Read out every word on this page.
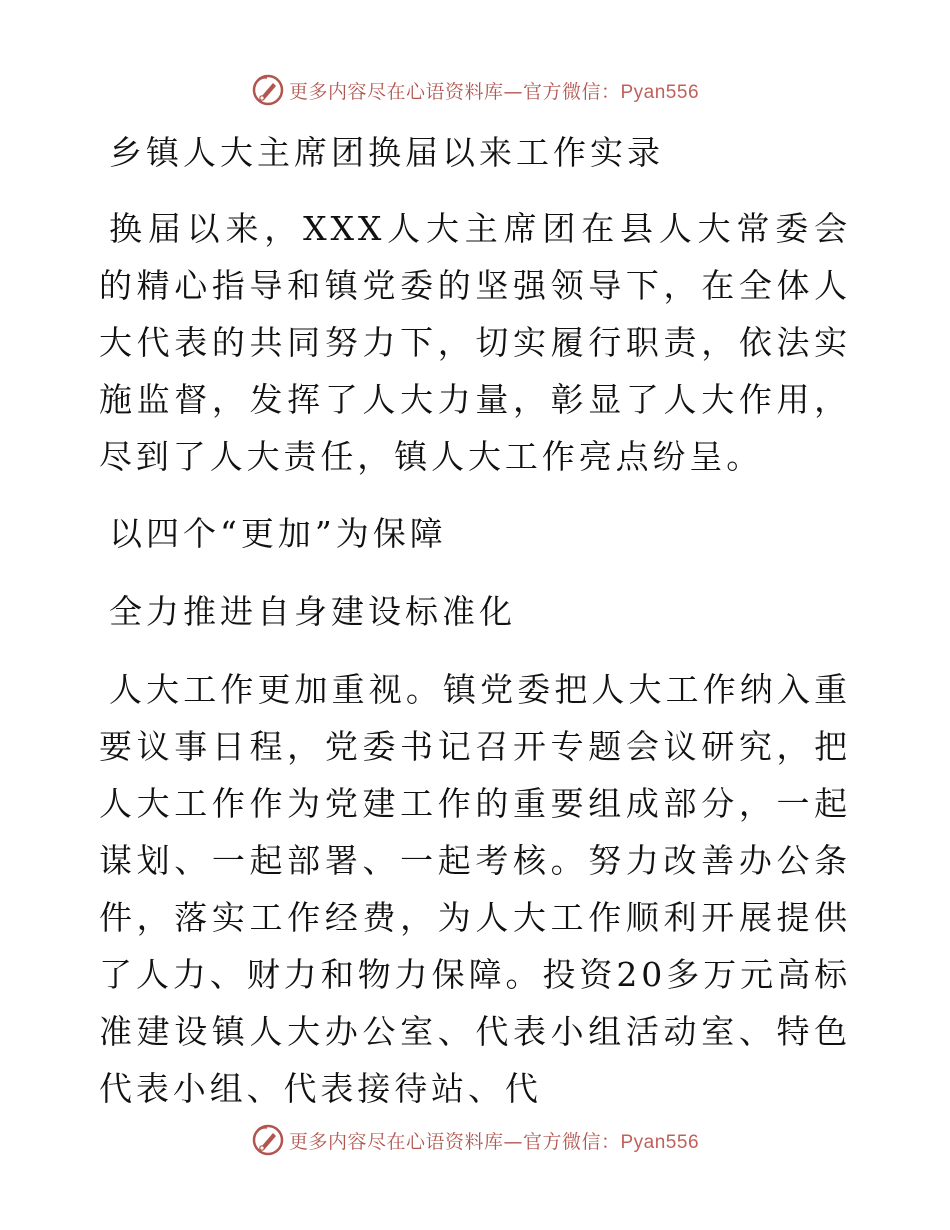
更多内容尽在心语资料库—官方微信：Pyan556

乡镇人大主席团换届以来工作实录

换届以来，XXX人大主席团在县人大常委会的精心指导和镇党委的坚强领导下，在全体人大代表的共同努力下，切实履行职责，依法实施监督，发挥了人大力量，彰显了人大作用，尽到了人大责任，镇人大工作亮点纷呈。

以四个“更加”为保障

全力推进自身建设标准化

人大工作更加重视。镇党委把人大工作纳入重要议事日程，党委书记召开专题会议研究，把人大工作作为党建工作的重要组成部分，一起谋划、一起部署、一起考核。努力改善办公条件，落实工作经费，为人大工作顺利开展提供了人力、财力和物力保障。投资20多万元高标准建设镇人大办公室、代表小组活动室、特色代表小组、代表接待站、代

更多内容尽在心语资料库—官方微信：Pyan556
